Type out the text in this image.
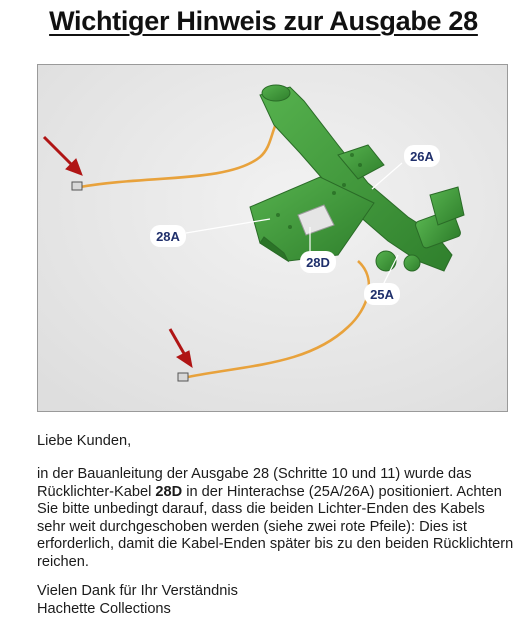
Wichtiger Hinweis zur Ausgabe 28
26A
28A
28D
25A
Liebe Kunden,
in der Bauanleitung der Ausgabe 28 (Schritte 10 und 11) wurde das Rücklichter-Kabel 28D in der Hinterachse (25A/26A) positioniert. Achten Sie bitte unbedingt darauf, dass die beiden Lichter-Enden des Kabels sehr weit durchgeschoben werden (siehe zwei rote Pfeile): Dies ist erforderlich, damit die Kabel-Enden später bis zu den beiden Rücklichtern reichen.
Vielen Dank für Ihr Verständnis
Hachette Collections
